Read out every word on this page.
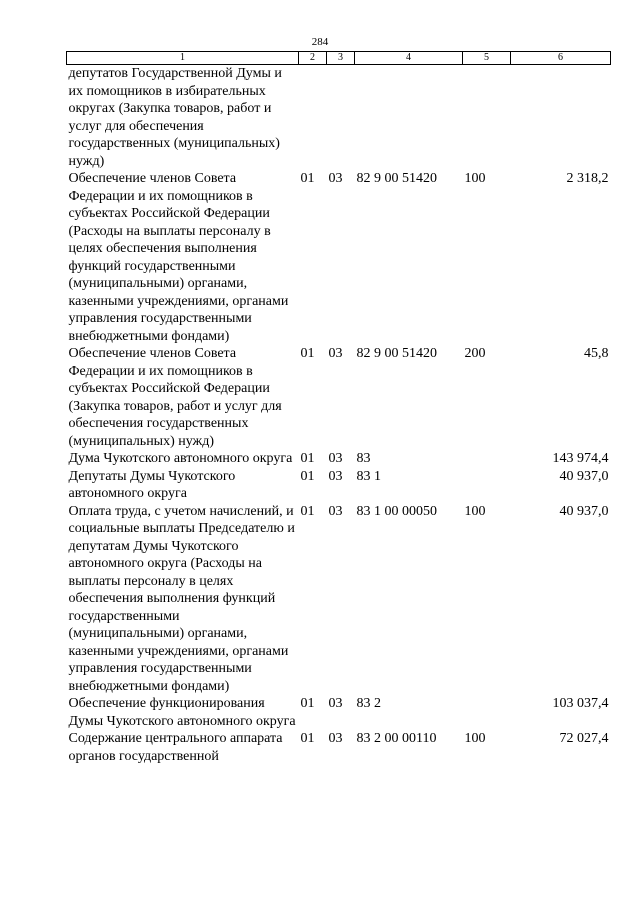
284
1	2	3	4	5	6
депутатов Государственной Думы и их помощников в избирательных округах (Закупка товаров, работ и услуг для обеспечения государственных (муниципальных) нужд)					
Обеспечение членов Совета Федерации и их помощников в субъектах Российской Федерации (Расходы на выплаты персоналу в целях обеспечения выполнения функций государственными (муниципальными) органами, казенными учреждениями, органами управления государственными внебюджетными фондами)	01	03	82 9 00 51420	100	2 318,2
Обеспечение членов Совета Федерации и их помощников в субъектах Российской Федерации (Закупка товаров, работ и услуг для обеспечения государственных (муниципальных) нужд)	01	03	82 9 00 51420	200	45,8
Дума Чукотского автономного округа	01	03	83		143 974,4
Депутаты Думы Чукотского автономного округа	01	03	83 1		40 937,0
Оплата труда, с учетом начислений, и социальные выплаты Председателю и депутатам Думы Чукотского автономного округа (Расходы на выплаты персоналу в целях обеспечения выполнения функций государственными (муниципальными) органами, казенными учреждениями, органами управления государственными внебюджетными фондами)	01	03	83 1 00 00050	100	40 937,0
Обеспечение функционирования Думы Чукотского автономного округа	01	03	83 2		103 037,4
Содержание центрального аппарата органов государственной	01	03	83 2 00 00110	100	72 027,4
